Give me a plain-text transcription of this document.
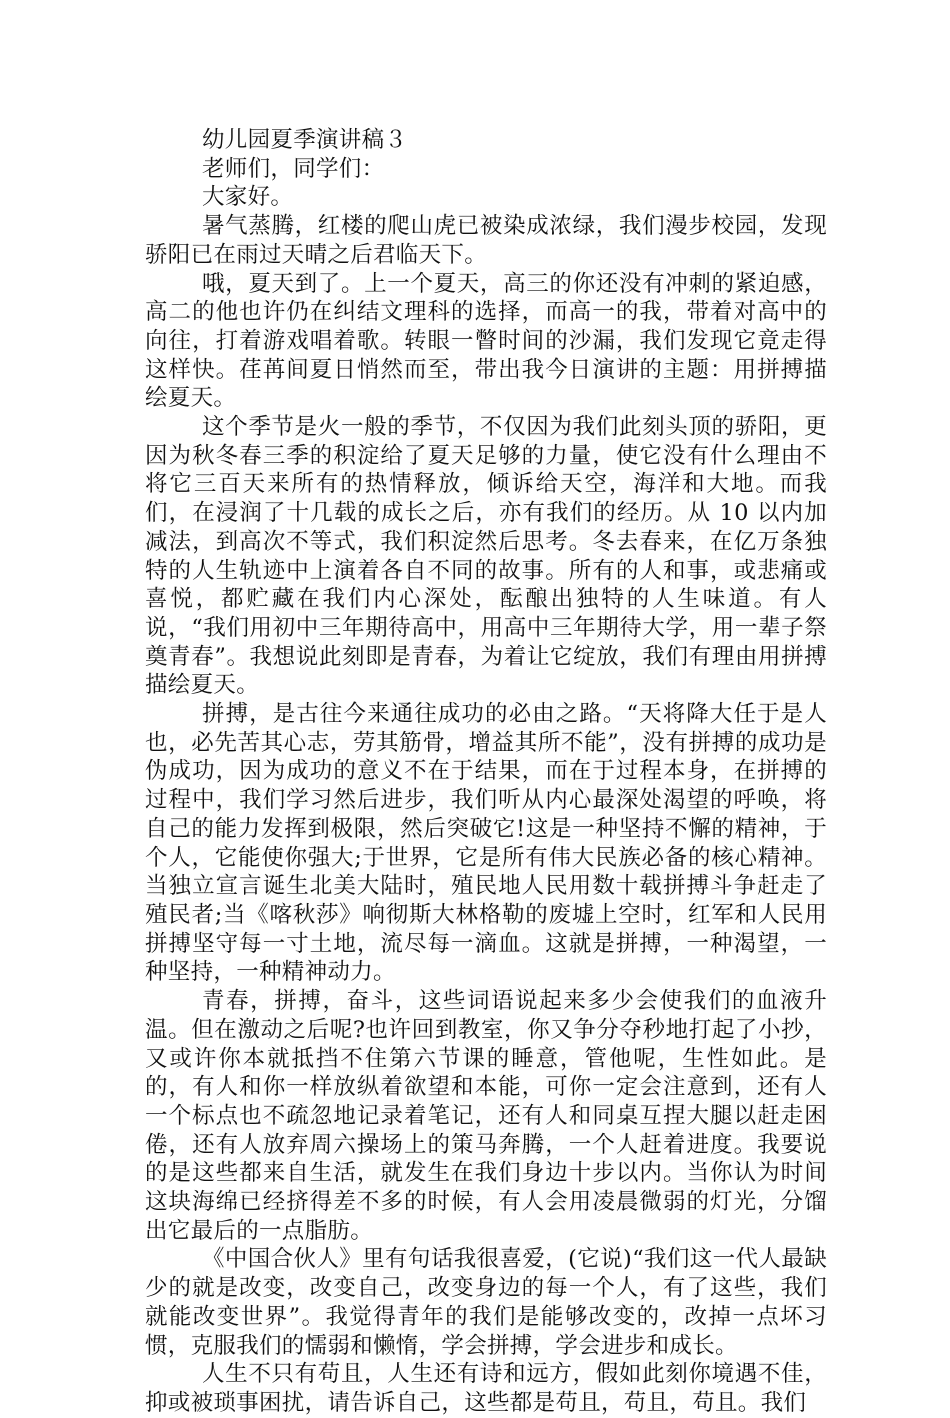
幼儿园夏季演讲稿３

老师们，同学们：

大家好。

暑气蒸腾，红楼的爬山虎已被染成浓绿，我们漫步校园，发现骄阳已在雨过天晴之后君临天下。

哦，夏天到了。上一个夏天，高三的你还没有冲刺的紧迫感，高二的他也许仍在纠结文理科的选择，而高一的我，带着对高中的向往，打着游戏唱着歌。转眼一瞥时间的沙漏，我们发现它竟走得这样快。荏苒间夏日悄然而至，带出我今日演讲的主题：用拼搏描绘夏天。

这个季节是火一般的季节，不仅因为我们此刻头顶的骄阳，更因为秋冬春三季的积淀给了夏天足够的力量，使它没有什么理由不将它三百天来所有的热情释放，倾诉给天空，海洋和大地。而我们，在浸润了十几载的成长之后，亦有我们的经历。从 10 以内加减法，到高次不等式，我们积淀然后思考。冬去春来，在亿万条独特的人生轨迹中上演着各自不同的故事。所有的人和事，或悲痛或喜悦，都贮藏在我们内心深处，酝酿出独特的人生味道。有人说，“我们用初中三年期待高中，用高中三年期待大学，用一辈子祭奠青春”。我想说此刻即是青春，为着让它绽放，我们有理由用拼搏描绘夏天。

拼搏，是古往今来通往成功的必由之路。“天将降大任于是人也，必先苦其心志，劳其筋骨，增益其所不能”，没有拼搏的成功是伪成功，因为成功的意义不在于结果，而在于过程本身，在拼搏的过程中，我们学习然后进步，我们听从内心最深处渴望的呼唤，将自己的能力发挥到极限，然后突破它!这是一种坚持不懈的精神，于个人，它能使你强大;于世界，它是所有伟大民族必备的核心精神。当独立宣言诞生北美大陆时，殖民地人民用数十载拼搏斗争赶走了殖民者;当《喀秋莎》响彻斯大林格勒的废墟上空时，红军和人民用拼搏坚守每一寸土地，流尽每一滴血。这就是拼搏，一种渴望，一种坚持，一种精神动力。

青春，拼搏，奋斗，这些词语说起来多少会使我们的血液升温。但在激动之后呢?也许回到教室，你又争分夺秒地打起了小抄，又或许你本就抵挡不住第六节课的睡意，管他呢，生性如此。是的，有人和你一样放纵着欲望和本能，可你一定会注意到，还有人一个标点也不疏忽地记录着笔记，还有人和同桌互捏大腿以赶走困倦，还有人放弃周六操场上的策马奔腾，一个人赶着进度。我要说的是这些都来自生活，就发生在我们身边十步以内。当你认为时间这块海绵已经挤得差不多的时候，有人会用凌晨微弱的灯光，分馏出它最后的一点脂肪。

《中国合伙人》里有句话我很喜爱，(它说)“我们这一代人最缺少的就是改变，改变自己，改变身边的每一个人，有了这些，我们就能改变世界”。我觉得青年的我们是能够改变的，改掉一点坏习惯，克服我们的懦弱和懒惰，学会拼搏，学会进步和成长。

人生不只有苟且，人生还有诗和远方，假如此刻你境遇不佳，抑或被琐事困扰，请告诉自己，这些都是苟且，苟且，苟且。我们
